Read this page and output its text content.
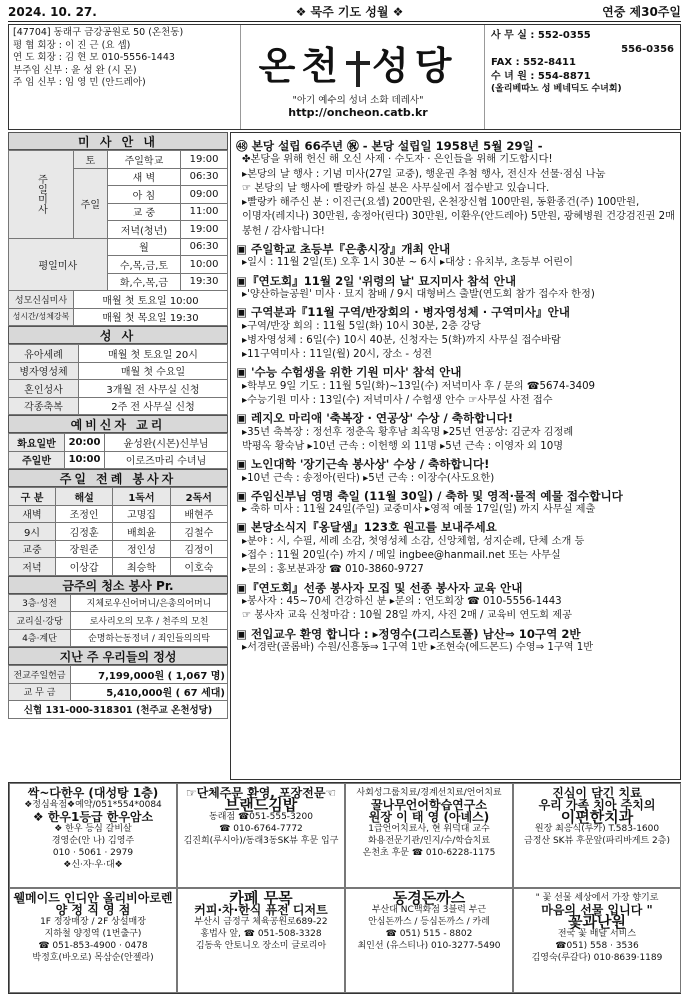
2024. 10. 27.	❖ 묵주 기도 성월 ❖	연중 제30주일
[47704] 동래구 금강공원로 50 (온천동)
평 협 회장 : 이 진 근 (요 셉)
연 도 회장 : 김 현 모 010-5556-1443
부주임 신부 : 윤 성 완 (시 몬)
주 임 신부 : 임 영 민 (안드레아)	온천 성당
"아기 예수의 성녀 소화 데레사"
http://oncheon.catb.kr
사 무 실 : 552-0355
556-0356
FAX : 552-8411
수 녀 원 : 554-8871
(올리베따노 성 베네딕도 수녀회)
미 사 안 내
주일미사	토	주일학교	19:00
	주일	새 벽	06:30
		아 침	09:00
		교 중	11:00
		저녁(청년)	19:00
평일미사		월	06:30
		수,목,금,토	10:00
		화,수,목,금	19:30
성모신심미사	매월 첫 토요일 10:00		
성시간/성체강복	매월 첫 목요일 19:30		
성 사
유아세례	매월 첫 토요일 20시
병자영성체	매월 첫 수요일
혼인성사	3개월 전 사무실 신청
각종축복	2주 전 사무실 신청
예비신자 교리
화요일반	20:00	윤성완(시몬)신부님
주일반	10:00	이로즈마리 수녀님
주일 전례 봉사자
구 분	해설	1독서	2독서
새벽	조정인	고명집	배현주
9시	김정훈	배희윤	김철수
교중	장원준	정인성	김정이
저녁	이상갑	최승학	이호숙
금주의 청소 봉사 Pr.
3층·성전	지체로우신어머니/은총의어머니
교리실·강당	로사리오의 모후 / 천주의 모친
4층·계단	순명하는동정녀 / 죄인들의의탁
지난 주 우리들의 정성
전교주일헌금	7,199,000원 ( 1,067 명)
교 무 금	5,410,000원 ( 67 세대)
신협 131-000-318301 (천주교 온천성당)	
㊽ 본당 설립 66주년 ㊗ - 본당 설립일 1958년 5월 29일 -
✤본당을 위해 헌신 해 오신 사제 · 수도자 · 은인들을 위해 기도합시다!
▸본당의 날 행사 : 기념 미사(27일 교중), 행운권 추첨 행사, 전신자 선물·점심 나눔
☞ 본당의 날 행사에 빨랑카 하실 분은 사무실에서 접수받고 있습니다.
▸빨랑카 해주신 분 : 이진근(요셉) 200만원, 온천장신협 100만원, 동환종건(주) 100만원,
이명자(레지나) 30만원, 송정아(린다) 30만원, 이환우(안드레아) 5만원, 광혜병원 건강검진권 2매
봉헌 / 감사합니다!
▣ 주일학교 초등부『은총시장』개최 안내
▸일시 : 11월 2일(토) 오후 1시 30분 ~ 6시 ▸대상 : 유치부, 초등부 어린이
▣『연도회』11월 2일 '위령의 날' 묘지미사 참석 안내
▸'양산하늘공원' 미사 · 묘지 참배 / 9시 대형버스 출발(연도회 참가 접수자 한정)
▣ 구역분과『11월 구역/반장회의 · 병자영성체 · 구역미사』안내
▸구역/반장 회의 : 11월 5일(화) 10시 30분, 2층 강당
▸병자영성체 : 6일(수) 10시 40분, 신청자는 5(화)까지 사무실 접수바람
▸11구역미사 : 11일(월) 20시, 장소 - 성전
▣ '수능 수험생을 위한 기원 미사' 참석 안내
▸학부모 9일 기도 : 11월 5일(화)~13일(수) 저녁미사 후 / 문의 ☎5674-3409
▸수능기원 미사 : 13일(수) 저녁미사 / 수험생 안수 ☞사무실 사전 접수
▣ 레지오 마리애 '축복장 · 연공상' 수상 / 축하합니다!
▸35년 축복장 : 정선후 정춘옥 황후남 최옥명 ▸25년 연공상: 김군자 김정례
박평옥 황숙남 ▸10년 근속 : 이헌행 외 11명 ▸5년 근속 : 이영자 외 10명
▣ 노인대학 '장기근속 봉사상' 수상 / 축하합니다!
▸10년 근속 : 송정아(린다) ▸5년 근속 : 이장수(사도요한)
▣ 주임신부님 영명 축일 (11월 30일) / 축하 및 영적·물적 예물 접수합니다
▸ 축하 미사 : 11월 24일(주일) 교중미사 ▸영적 예물 17일(일) 까지 사무실 제출
▣ 본당소식지『옹달샘』123호 원고를 보내주세요
▸분야 : 시, 수필, 세례 소감, 첫영성체 소감, 신앙체험, 성지순례, 단체 소개 등
▸접수 : 11월 20일(수) 까지 / 메일 ingbee@hanmail.net 또는 사무실
▸문의 : 홍보분과장 ☎ 010-3860-9727
▣『연도회』선종 봉사자 모집 및 선종 봉사자 교육 안내
▸봉사자 : 45~70세 건강하신 분 ▸문의 : 연도회장 ☎ 010-5556-1443
☞ 봉사자 교육 신청마감 : 10월 28일 까지, 사진 2매 / 교육비 연도회 제공
▣ 전입교우 환영 합니다 : ▸정영수(그리스토폴) 남산⇒ 10구역 2반
▸서경란(골롬바) 수원/신흥동⇒ 1구역 1반 ▸조현숙(에드몬드) 수영⇒ 1구역 1반
싹~다한우 (대성탕 1층)
❖정심육점❖예약/051*554*0084
❖ 한우1등급 한우암소
❖ 한우 등심 갈비살
경영순(안 나) 김영주
010 · 5061 · 2979
❖신·자·우·대❖
☞단체주문 환영, 포장전문☜
브랜드김밥
동래점 ☎051-555-3200
☎ 010-6764-7772
김진희(루시아)/동래3동SK뷰 후문 입구
사회성그룹치료/경계선치료/언어치료
꿀나무언어학습연구소
원장 이 태 영 (아녜스)
1급언어치료사, 현 위덕대 교수
화용전문기관/인지/수/학습치료
온천초 후문 ☎ 010-6228-1175
진심이 담긴 치료
우리 가족 치아 주치의
이편한치과
원장 최응식(루카) T.583-1600
금정산 SK뷰 후문앞(파리바게트 2층)
웰메이드 인디안 올리비아로렌
양 정 직 영 점
1F 정장매장 / 2F 상설매장
지하철 양정역 (1번출구)
☎ 051-853-4900 · 0478
박정호(바오로) 목삼순(안젤라)
카페 무목
커피·차·한식 퓨전 디저트
부산시 금정구 체육공원로689-22
홍법사 앞, ☎ 051-508-3328
김동욱 안토니오 장소미 글로리아
동경돈까스
부산대 NC백화점 3블럭 부근
안심돈까스 / 등심돈까스 / 카레
☎ 051) 515 - 8802
최인선 (유스티나) 010-3277-5490
" 꽃 선물 세상에서 가장 향기로
마음의 선물 입니다 "
꽃과난원
전국 꽃 배달 서비스
☎051) 558 · 3536
김영숙(루갈다) 010·8639·1189
